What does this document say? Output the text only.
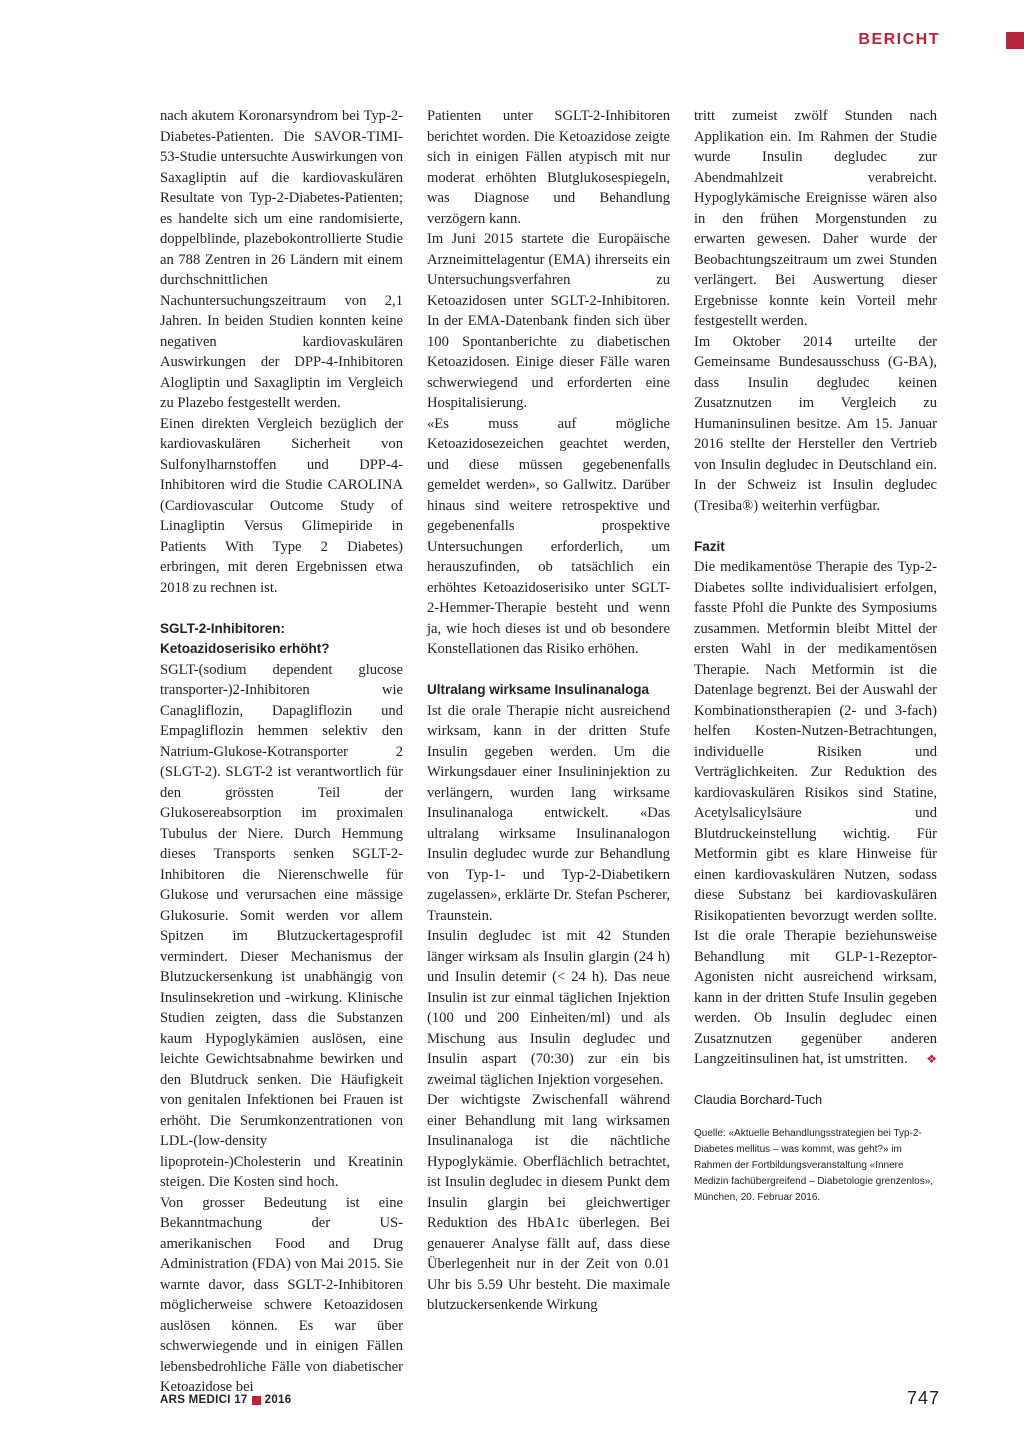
BERICHT

nach akutem Koronarsyndrom bei Typ-2-Diabetes-Patienten. Die SAVOR-TIMI-53-Studie untersuchte Auswirkungen von Saxagliptin auf die kardiovaskulären Resultate von Typ-2-Diabetes-Patienten; es handelte sich um eine randomisierte, doppelblinde, plazebokontrollierte Studie an 788 Zentren in 26 Ländern mit einem durchschnittlichen Nachuntersuchungszeitraum von 2,1 Jahren. In beiden Studien konnten keine negativen kardiovaskulären Auswirkungen der DPP-4-Inhibitoren Alogliptin und Saxagliptin im Vergleich zu Plazebo festgestellt werden.

Einen direkten Vergleich bezüglich der kardiovaskulären Sicherheit von Sulfonylharnstoffen und DPP-4-Inhibitoren wird die Studie CAROLINA (Cardiovascular Outcome Study of Linagliptin Versus Glimepiride in Patients With Type 2 Diabetes) erbringen, mit deren Ergebnissen etwa 2018 zu rechnen ist.

SGLT-2-Inhibitoren: Ketoazidoserisiko erhöht?

SGLT-(sodium dependent glucose transporter-)2-Inhibitoren wie Canagliflozin, Dapagliflozin und Empagliflozin hemmen selektiv den Natrium-Glukose-Kotransporter 2 (SLGT-2). SLGT-2 ist verantwortlich für den grössten Teil der Glukosereabsorption im proximalen Tubulus der Niere. Durch Hemmung dieses Transports senken SGLT-2-Inhibitoren die Nierenschwelle für Glukose und verursachen eine mässige Glukosurie. Somit werden vor allem Spitzen im Blutzuckertagesprofil vermindert. Dieser Mechanismus der Blutzuckersenkung ist unabhängig von Insulinsekretion und -wirkung. Klinische Studien zeigten, dass die Substanzen kaum Hypoglykämien auslösen, eine leichte Gewichtsabnahme bewirken und den Blutdruck senken. Die Häufigkeit von genitalen Infektionen bei Frauen ist erhöht. Die Serumkonzentrationen von LDL-(low-density lipoprotein-)Cholesterin und Kreatinin steigen. Die Kosten sind hoch.

Von grosser Bedeutung ist eine Bekanntmachung der US-amerikanischen Food and Drug Administration (FDA) von Mai 2015. Sie warnte davor, dass SGLT-2-Inhibitoren möglicherweise schwere Ketoazidosen auslösen können. Es war über schwerwiegende und in einigen Fällen lebensbedrohliche Fälle von diabetischer Ketoazidose bei

Patienten unter SGLT-2-Inhibitoren berichtet worden. Die Ketoazidose zeigte sich in einigen Fällen atypisch mit nur moderat erhöhten Blutglukosespiegeln, was Diagnose und Behandlung verzögern kann.

Im Juni 2015 startete die Europäische Arzneimittelagentur (EMA) ihrerseits ein Untersuchungsverfahren zu Ketoazidosen unter SGLT-2-Inhibitoren. In der EMA-Datenbank finden sich über 100 Spontanberichte zu diabetischen Ketoazidosen. Einige dieser Fälle waren schwerwiegend und erforderten eine Hospitalisierung.

«Es muss auf mögliche Ketoazidosezeichen geachtet werden, und diese müssen gegebenenfalls gemeldet werden», so Gallwitz. Darüber hinaus sind weitere retrospektive und gegebenenfalls prospektive Untersuchungen erforderlich, um herauszufinden, ob tatsächlich ein erhöhtes Ketoazidoserisiko unter SGLT-2-Hemmer-Therapie besteht und wenn ja, wie hoch dieses ist und ob besondere Konstellationen das Risiko erhöhen.

Ultralang wirksame Insulinanaloga

Ist die orale Therapie nicht ausreichend wirksam, kann in der dritten Stufe Insulin gegeben werden. Um die Wirkungsdauer einer Insulininjektion zu verlängern, wurden lang wirksame Insulinanaloga entwickelt. «Das ultralang wirksame Insulinanalogon Insulin degludec wurde zur Behandlung von Typ-1- und Typ-2-Diabetikern zugelassen», erklärte Dr. Stefan Pscherer, Traunstein.

Insulin degludec ist mit 42 Stunden länger wirksam als Insulin glargin (24 h) und Insulin detemir (< 24 h). Das neue Insulin ist zur einmal täglichen Injektion (100 und 200 Einheiten/ml) und als Mischung aus Insulin degludec und Insulin aspart (70:30) zur ein bis zweimal täglichen Injektion vorgesehen.

Der wichtigste Zwischenfall während einer Behandlung mit lang wirksamen Insulinanaloga ist die nächtliche Hypoglykämie. Oberflächlich betrachtet, ist Insulin degludec in diesem Punkt dem Insulin glargin bei gleichwertiger Reduktion des HbA1c überlegen. Bei genauerer Analyse fällt auf, dass diese Überlegenheit nur in der Zeit von 0.01 Uhr bis 5.59 Uhr besteht. Die maximale blutzuckersenkende Wirkung

tritt zumeist zwölf Stunden nach Applikation ein. Im Rahmen der Studie wurde Insulin degludec zur Abendmahlzeit verabreicht. Hypoglykämische Ereignisse wären also in den frühen Morgenstunden zu erwarten gewesen. Daher wurde der Beobachtungszeitraum um zwei Stunden verlängert. Bei Auswertung dieser Ergebnisse konnte kein Vorteil mehr festgestellt werden.

Im Oktober 2014 urteilte der Gemeinsame Bundesausschuss (G-BA), dass Insulin degludec keinen Zusatznutzen im Vergleich zu Humaninsulinen besitze. Am 15. Januar 2016 stellte der Hersteller den Vertrieb von Insulin degludec in Deutschland ein. In der Schweiz ist Insulin degludec (Tresiba®) weiterhin verfügbar.

Fazit

Die medikamentöse Therapie des Typ-2-Diabetes sollte individualisiert erfolgen, fasste Pfohl die Punkte des Symposiums zusammen. Metformin bleibt Mittel der ersten Wahl in der medikamentösen Therapie. Nach Metformin ist die Datenlage begrenzt. Bei der Auswahl der Kombinationstherapien (2- und 3-fach) helfen Kosten-Nutzen-Betrachtungen, individuelle Risiken und Verträglichkeiten. Zur Reduktion des kardiovaskulären Risikos sind Statine, Acetylsalicylsäure und Blutdruckeinstellung wichtig. Für Metformin gibt es klare Hinweise für einen kardiovaskulären Nutzen, sodass diese Substanz bei kardiovaskulären Risikopatienten bevorzugt werden sollte. Ist die orale Therapie beziehunsweise Behandlung mit GLP-1-Rezeptor-Agonisten nicht ausreichend wirksam, kann in der dritten Stufe Insulin gegeben werden. Ob Insulin degludec einen Zusatznutzen gegenüber anderen Langzeitinsulinen hat, ist umstritten. ❖

Claudia Borchard-Tuch
Quelle: «Aktuelle Behandlungsstrategien bei Typ-2-Diabetes mellitus – was kommt, was geht?» im Rahmen der Fortbildungsveranstaltung «Innere Medizin fachübergreifend – Diabetologie grenzenlos», München, 20. Februar 2016.
ARS MEDICI 17 2016	747
